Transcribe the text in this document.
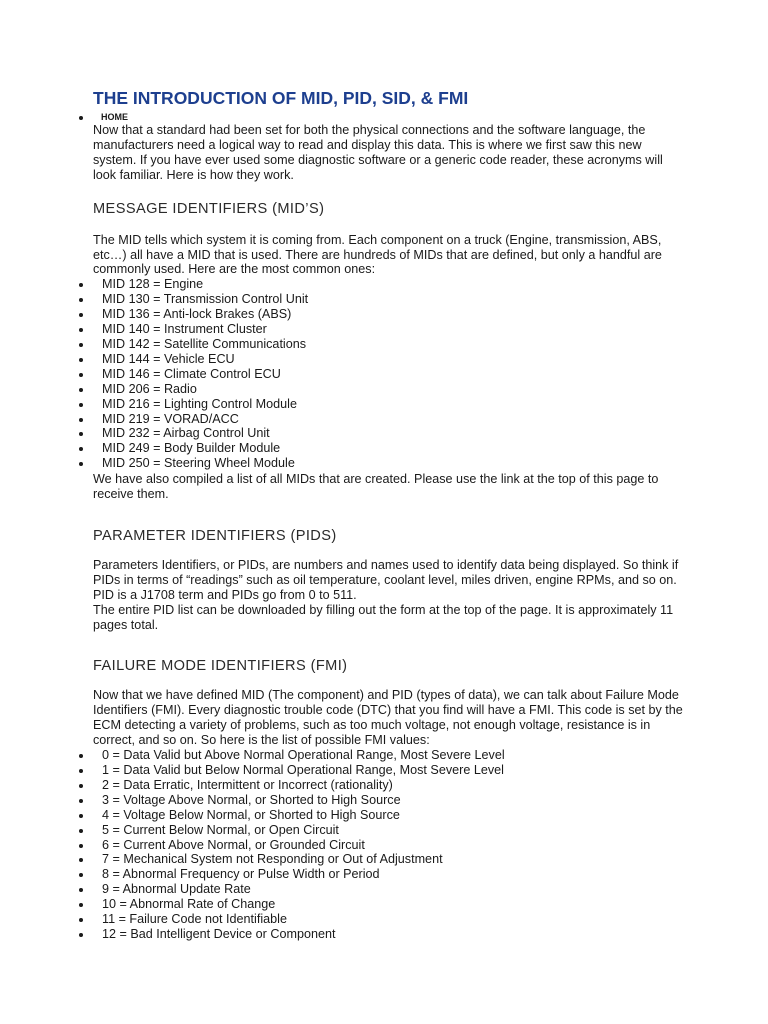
THE INTRODUCTION OF MID, PID, SID, & FMI
HOME

Now that a standard had been set for both the physical connections and the software language, the manufacturers need a logical way to read and display this data. This is where we first saw this new system. If you have ever used some diagnostic software or a generic code reader, these acronyms will look familiar. Here is how they work.

MESSAGE IDENTIFIERS (MID’S)

The MID tells which system it is coming from. Each component on a truck (Engine, transmission, ABS, etc…) all have a MID that is used. There are hundreds of MIDs that are defined, but only a handful are commonly used. Here are the most common ones:

MID 128 = Engine
MID 130 = Transmission Control Unit
MID 136 = Anti-lock Brakes (ABS)
MID 140 = Instrument Cluster
MID 142 = Satellite Communications
MID 144 = Vehicle ECU
MID 146 = Climate Control ECU
MID 206 = Radio
MID 216 = Lighting Control Module
MID 219 = VORAD/ACC
MID 232 = Airbag Control Unit
MID 249 = Body Builder Module
MID 250 = Steering Wheel Module

We have also compiled a list of all MIDs that are created. Please use the link at the top of this page to receive them.

PARAMETER IDENTIFIERS (PIDS)

Parameters Identifiers, or PIDs, are numbers and names used to identify data being displayed. So think if PIDs in terms of “readings” such as oil temperature, coolant level, miles driven, engine RPMs, and so on. PID is a J1708 term and PIDs go from 0 to 511.

The entire PID list can be downloaded by filling out the form at the top of the page. It is approximately 11 pages total.

FAILURE MODE IDENTIFIERS (FMI)

Now that we have defined MID (The component) and PID (types of data), we can talk about Failure Mode Identifiers (FMI). Every diagnostic trouble code (DTC) that you find will have a FMI. This code is set by the ECM detecting a variety of problems, such as too much voltage, not enough voltage, resistance is in correct, and so on. So here is the list of possible FMI values:

0 = Data Valid but Above Normal Operational Range, Most Severe Level
1 = Data Valid but Below Normal Operational Range, Most Severe Level
2 = Data Erratic, Intermittent or Incorrect (rationality)
3 = Voltage Above Normal, or Shorted to High Source
4 = Voltage Below Normal, or Shorted to High Source
5 = Current Below Normal, or Open Circuit
6 = Current Above Normal, or Grounded Circuit
7 = Mechanical System not Responding or Out of Adjustment
8 = Abnormal Frequency or Pulse Width or Period
9 = Abnormal Update Rate
10 = Abnormal Rate of Change
11 = Failure Code not Identifiable
12 = Bad Intelligent Device or Component
